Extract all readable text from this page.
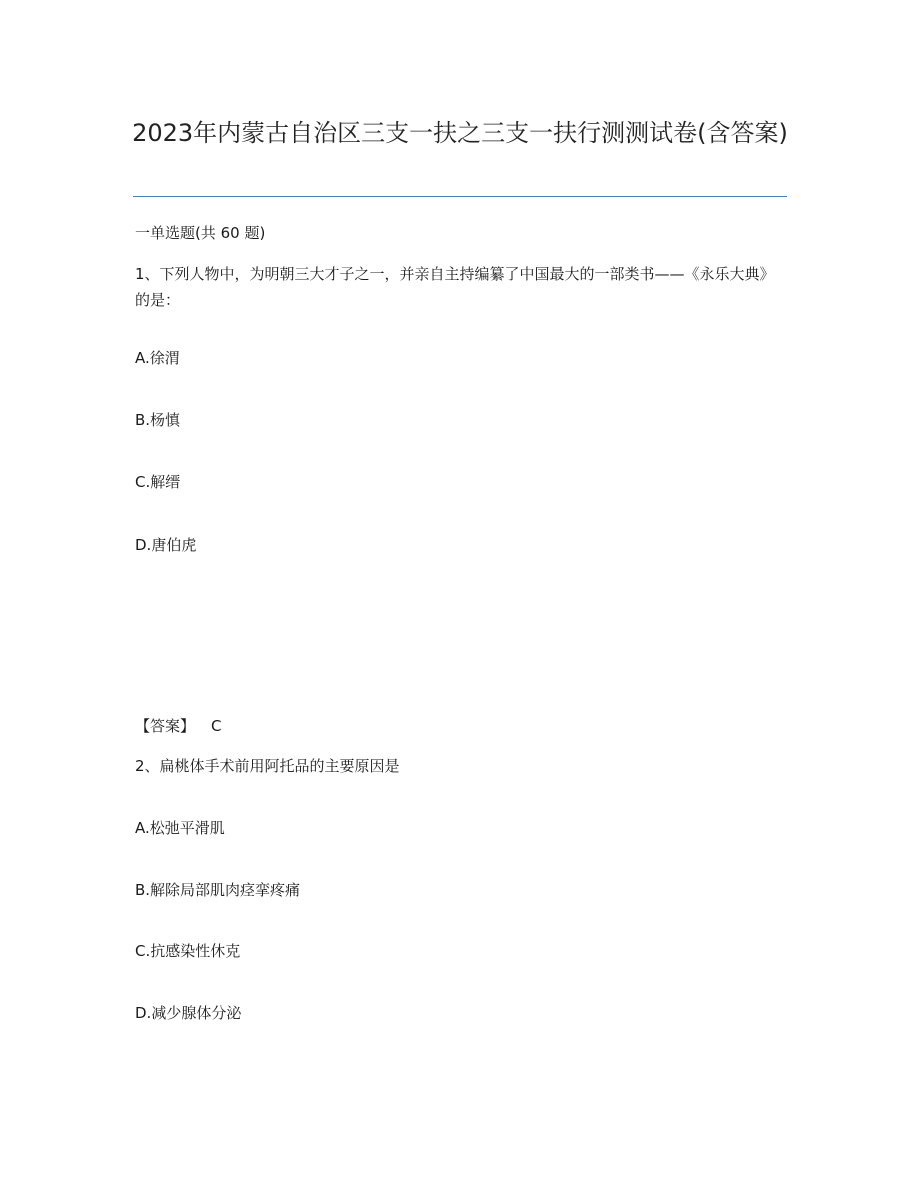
2023年内蒙古自治区三支一扶之三支一扶行测测试卷(含答案)
一单选题(共 60 题)
1、下列人物中，为明朝三大才子之一，并亲自主持编纂了中国最大的一部类书——《永乐大典》的是：
A.徐渭
B.杨慎
C.解缙
D.唐伯虎
【答案】 C
2、扁桃体手术前用阿托品的主要原因是
A.松弛平滑肌
B.解除局部肌肉痉挛疼痛
C.抗感染性休克
D.减少腺体分泌
